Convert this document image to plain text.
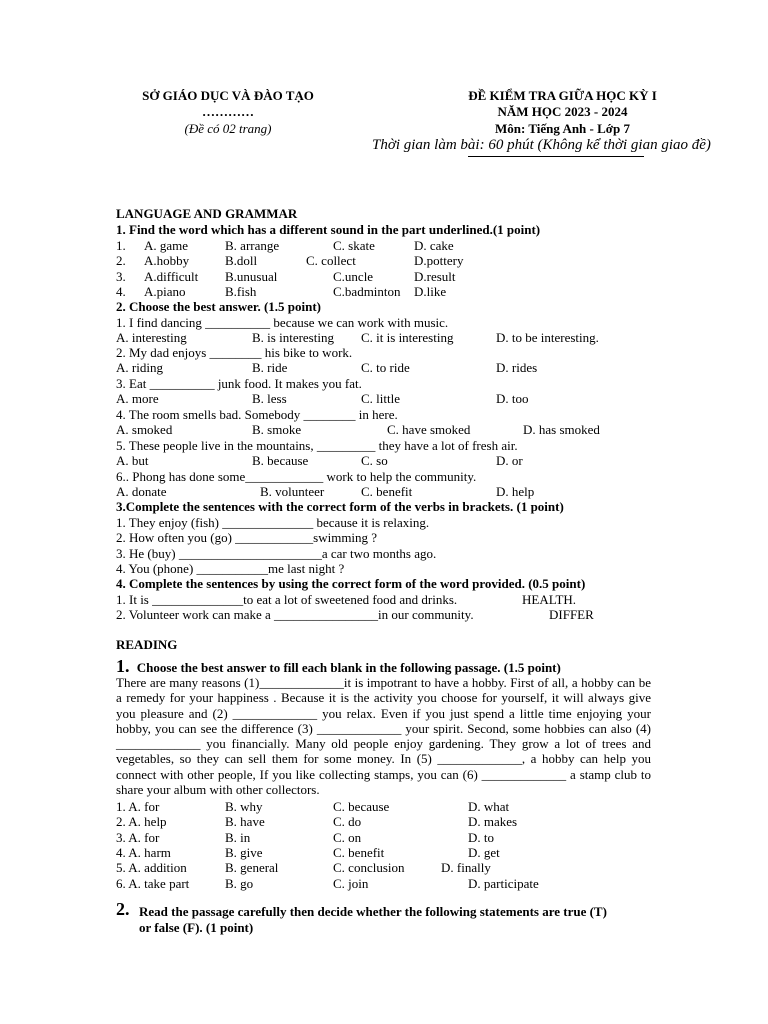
SỞ GIÁO DỤC VÀ ĐÀO TẠO
…………
(Đề có 02 trang)
ĐỀ KIỂM TRA GIỮA HỌC KỲ I
NĂM HỌC 2023 - 2024
Môn: Tiếng Anh - Lớp 7
Thời gian làm bài: 60 phút (Không kể thời gian giao đề)
LANGUAGE AND GRAMMAR
1. Find the word which has a different sound in the part underlined.(1 point)
1. A. game	B. arrange	C. skate	D. cake
2. A.hobby	B.doll	C. collect	D.pottery
3. A.difficult B.unusual	C.uncle	D.result
4. A.piano	B.fish	C.badminton D.like
2. Choose the best answer. (1.5 point)
1. I find dancing __________ because we can work with music.
A. interesting	B. is interesting C. it is interesting	D. to be interesting.
2. My dad enjoys ________ his bike to work.
A. riding	B. ride	C. to ride	D. rides
3. Eat __________ junk food. It makes you fat.
A. more	B. less	C. little	D. too
4. The room smells bad. Somebody ________ in here.
A. smoked	B. smoke	C. have smoked	D. has smoked
5. These people live in the mountains, _________ they have a lot of fresh air.
A. but	B. because	C. so	D. or
6.. Phong has done some____________ work to help the community.
A. donate	B. volunteer	C. benefit	D. help
3.Complete the sentences with the correct form of the verbs in brackets. (1 point)
1. They enjoy (fish) ______________ because it is relaxing.
2. How often you (go) ____________swimming ?
3. He (buy) ______________________a car two months ago.
4. You (phone) ___________me last night ?
4. Complete the sentences by using the correct form of the word provided. (0.5 point)
1. It is ______________to eat a lot of sweetened food and drinks.	HEALTH.
2. Volunteer work can make a ________________in our community.	DIFFER
READING
1. Choose the best answer to fill each blank in the following passage. (1.5 point)
There are many reasons (1)_____________it is impotrant to have a hobby. First of all, a hobby can be a remedy for your happiness . Because it is the activity you choose for yourself, it will always give you pleasure and (2) _____________ you relax. Even if you just spend a little time enjoying your hobby, you can see the difference (3) _____________ your spirit. Second, some hobbies can also (4) _____________ you financially. Many old people enjoy gardening. They grow a lot of trees and vegetables, so they can sell them for some money. In (5) _____________, a hobby can help you connect with other people, If you like collecting stamps, you can (6) _____________ a stamp club to share your album with other collectors.
1. A. for	B. why	C. because	D. what
2. A. help	B. have	C. do	D. makes
3. A. for	B. in	C. on	D. to
4. A. harm	B. give	C. benefit	D. get
5. A. addition	B. general	C. conclusion	D. finally
6. A. take part	B. go	C. join	D. participate
2. Read the passage carefully then decide whether the following statements are true (T)
or false (F). (1 point)
